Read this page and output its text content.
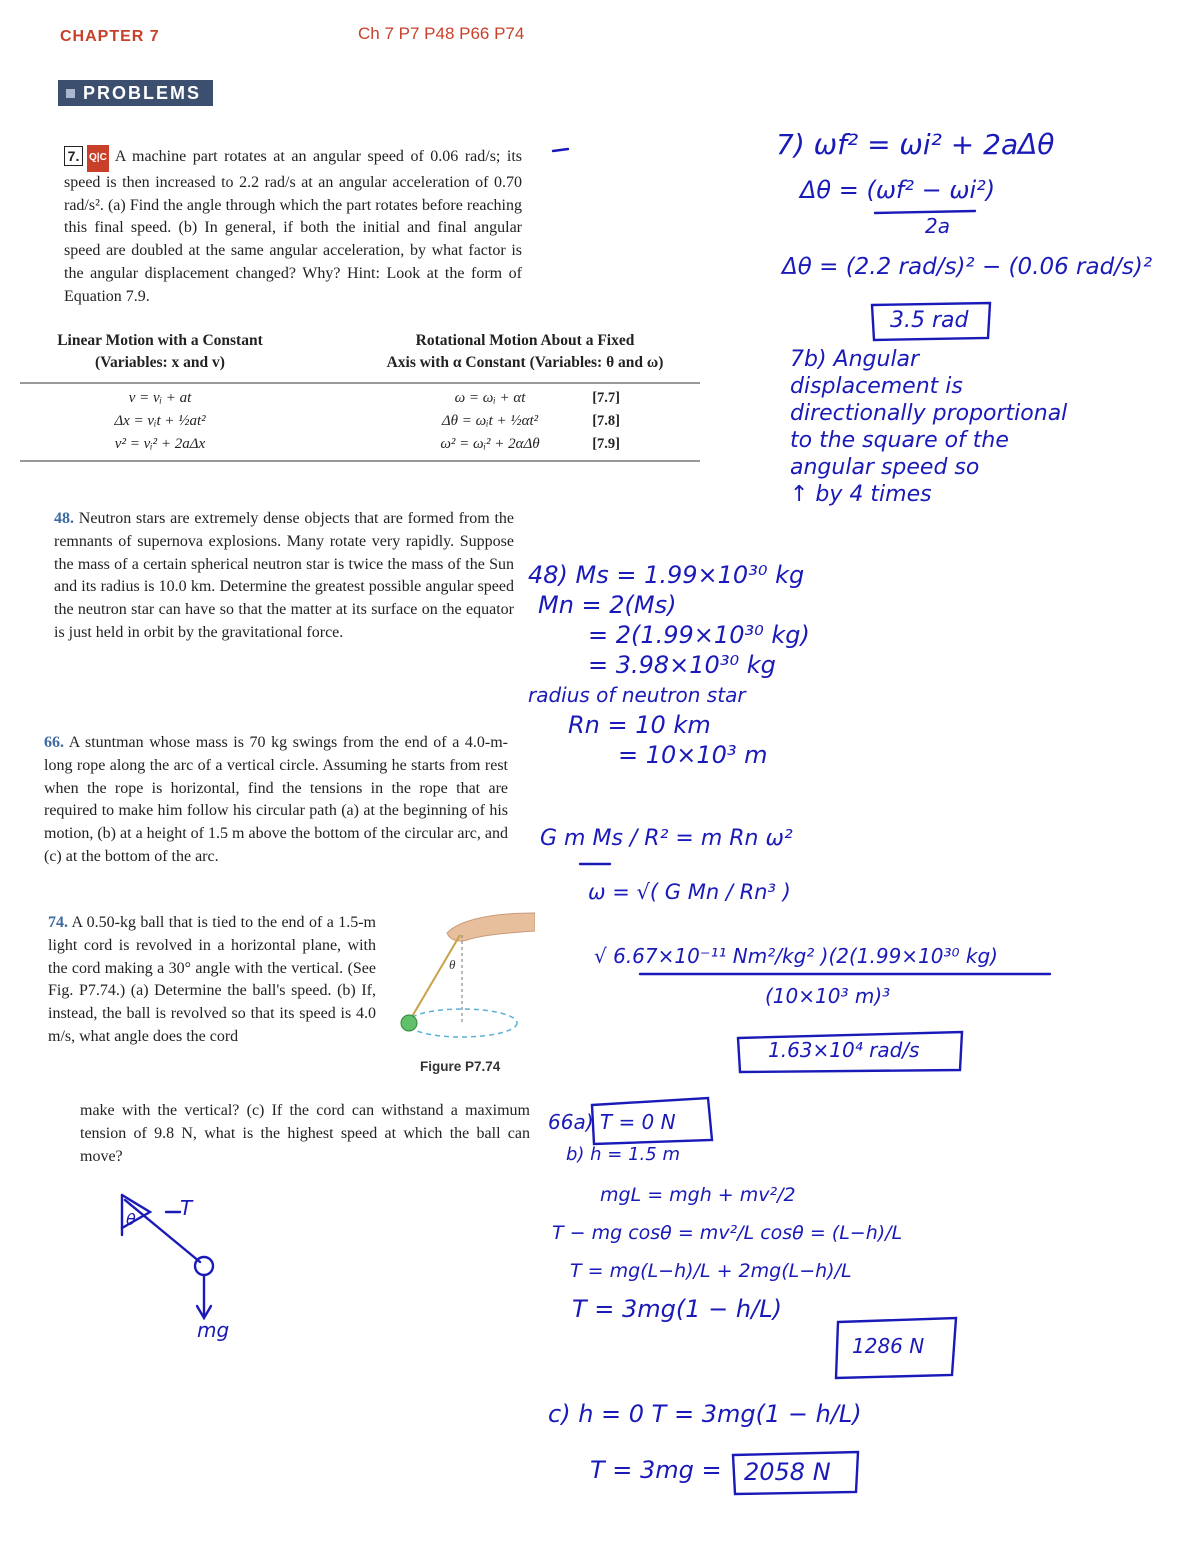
CHAPTER 7	Ch 7 P7 P48 P66 P74
PROBLEMS
7. Q|C A machine part rotates at an angular speed of 0.06 rad/s; its speed is then increased to 2.2 rad/s at an angular acceleration of 0.70 rad/s². (a) Find the angle through which the part rotates before reaching this final speed. (b) In general, if both the initial and final angular speed are doubled at the same angular acceleration, by what factor is the angular displacement changed? Why? Hint: Look at the form of Equation 7.9.
Linear Motion with a Constant
(Variables: x and v)
Rotational Motion About a Fixed
Axis with α Constant (Variables: θ and ω)
v = vᵢ + at	ω = ωᵢ + αt	[7.7]
Δx = vᵢt + ½at²	Δθ = ωᵢt + ½αt²	[7.8]
v² = vᵢ² + 2aΔx	ω² = ωᵢ² + 2αΔθ	[7.9]
48. Neutron stars are extremely dense objects that are formed from the remnants of supernova explosions. Many rotate very rapidly. Suppose the mass of a certain spherical neutron star is twice the mass of the Sun and its radius is 10.0 km. Determine the greatest possible angular speed the neutron star can have so that the matter at its surface on the equator is just held in orbit by the gravitational force.
66. A stuntman whose mass is 70 kg swings from the end of a 4.0-m-long rope along the arc of a vertical circle. Assuming he starts from rest when the rope is horizontal, find the tensions in the rope that are required to make him follow his circular path (a) at the beginning of his motion, (b) at a height of 1.5 m above the bottom of the circular arc, and (c) at the bottom of the arc.
74. A 0.50-kg ball that is tied to the end of a 1.5-m light cord is revolved in a horizontal plane, with the cord making a 30° angle with the vertical. (See Fig. P7.74.) (a) Determine the ball's speed. (b) If, instead, the ball is revolved so that its speed is 4.0 m/s, what angle does the cord
make with the vertical? (c) If the cord can withstand a maximum tension of 9.8 N, what is the highest speed at which the ball can move?
θ
Figure P7.74
7) ωf² = ωi² + 2aΔθ
Δθ = (ωf² − ωi²)
2a
Δθ = (2.2 rad/s)² − (0.06 rad/s)²
3.5 rad
7b) Angular
displacement is
directionally proportional
to the square of the
angular speed so
↑ by 4 times
48) Ms = 1.99×10³⁰ kg
Mn = 2(Ms)
= 2(1.99×10³⁰ kg)
= 3.98×10³⁰ kg
radius of neutron star
Rn = 10 km
= 10×10³ m
G m Ms / R² = m Rn ω²
ω = √( G Mn / Rn³ )
√ 6.67×10⁻¹¹ Nm²/kg² )(2(1.99×10³⁰ kg)
(10×10³ m)³
1.63×10⁴ rad/s
66a) T = 0 N
b) h = 1.5 m
mgL = mgh + mv²/2
T − mg cosθ = mv²/L cosθ = (L−h)/L
T = mg(L−h)/L + 2mg(L−h)/L
T = 3mg(1 − h/L)
1286 N
c) h = 0 T = 3mg(1 − h/L)
T = 3mg = 2058 N
T
θ
mg
